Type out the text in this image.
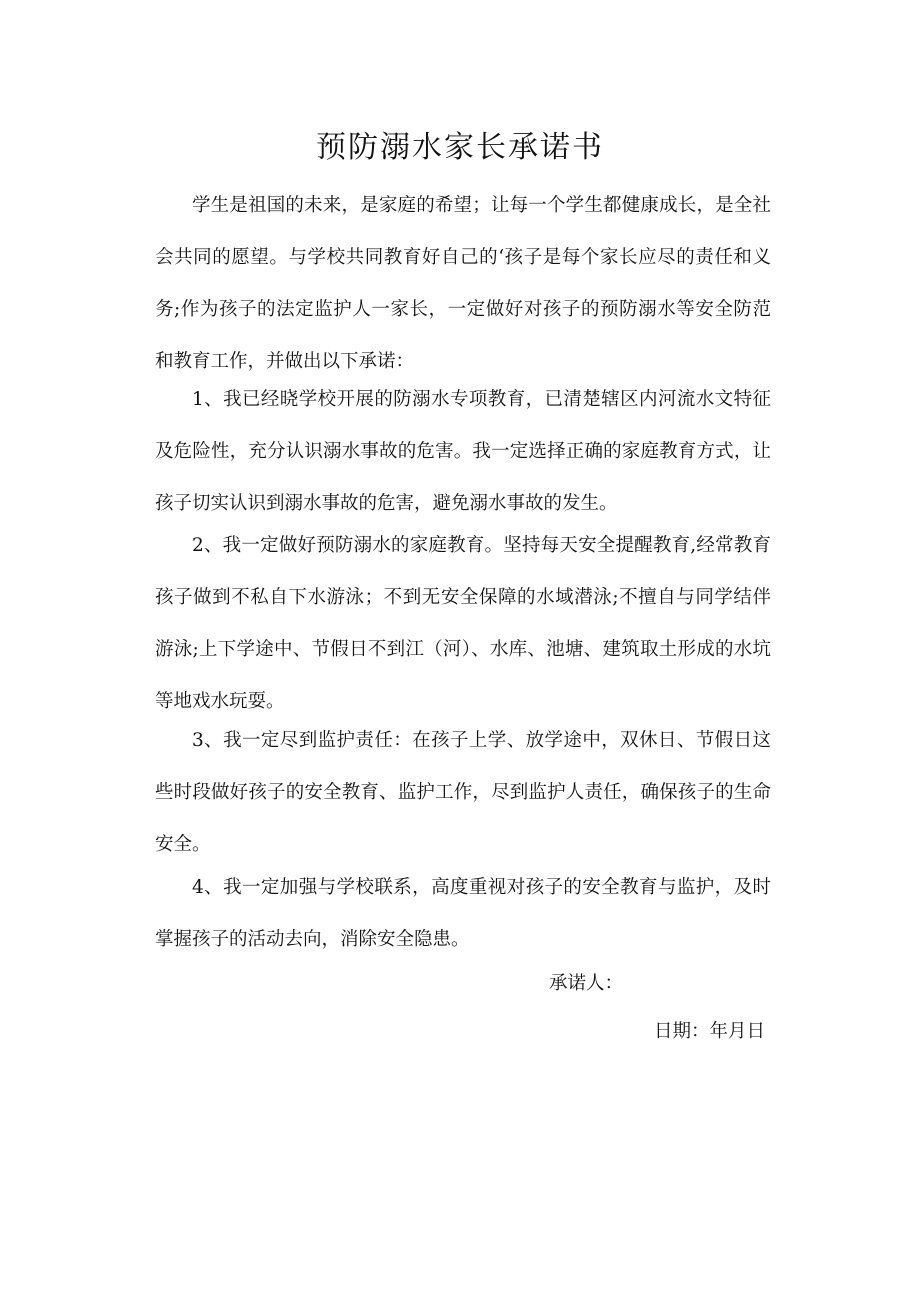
预防溺水家长承诺书

学生是祖国的未来，是家庭的希望；让每一个学生都健康成长，是全社会共同的愿望。与学校共同教育好自己的‘孩子是每个家长应尽的责任和义务;作为孩子的法定监护人一家长，一定做好对孩子的预防溺水等安全防范和教育工作，并做出以下承诺：

1、我已经晓学校开展的防溺水专项教育，已清楚辖区内河流水文特征及危险性，充分认识溺水事故的危害。我一定选择正确的家庭教育方式，让孩子切实认识到溺水事故的危害，避免溺水事故的发生。

2、我一定做好预防溺水的家庭教育。坚持每天安全提醒教育,经常教育孩子做到不私自下水游泳；不到无安全保障的水域潜泳;不擅自与同学结伴游泳;上下学途中、节假日不到江（河）、水库、池塘、建筑取土形成的水坑等地戏水玩耍。

3、我一定尽到监护责任：在孩子上学、放学途中，双休日、节假日这些时段做好孩子的安全教育、监护工作，尽到监护人责任，确保孩子的生命安全。

4、我一定加强与学校联系，高度重视对孩子的安全教育与监护，及时掌握孩子的活动去向，消除安全隐患。

承诺人：

日期：年月日
